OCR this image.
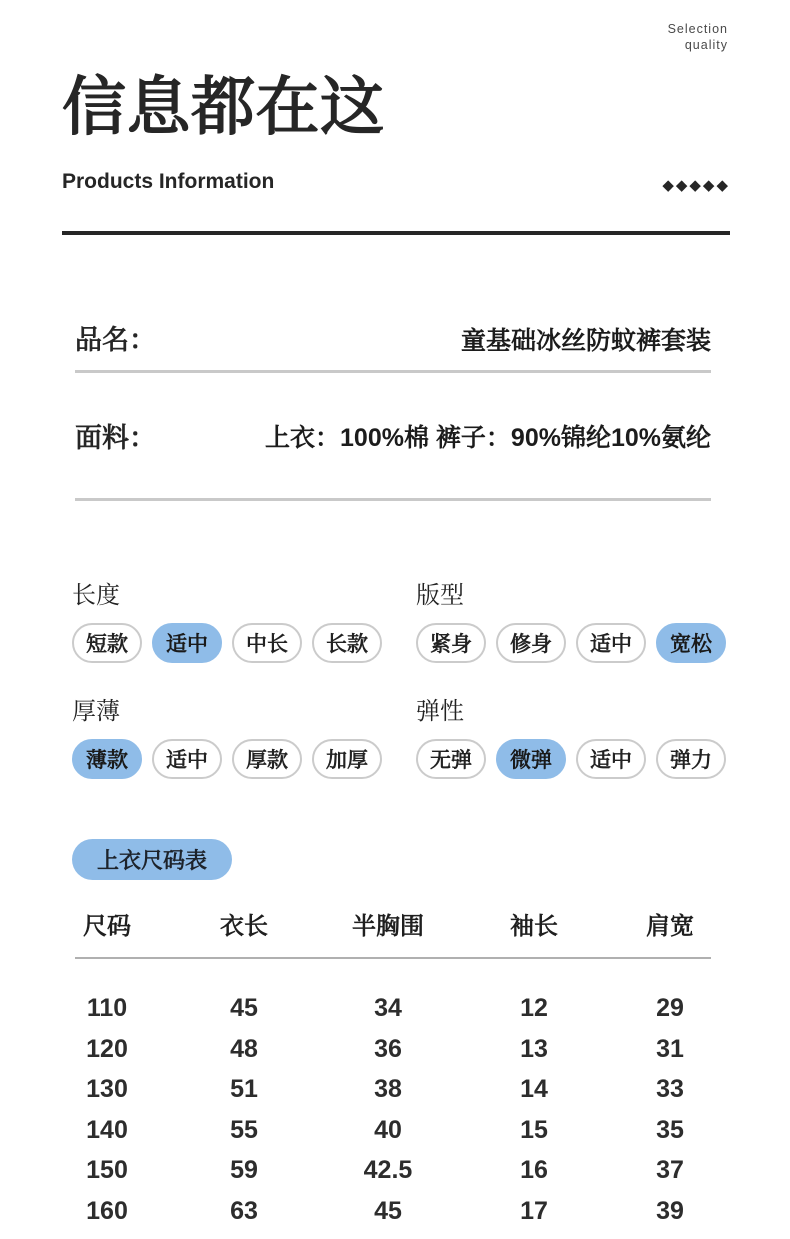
信息都在这
Selection
quality
Products Information	◆◆◆◆◆
品名：	童基础冰丝防蚊裤套装
面料：	上衣：100%棉 裤子：90%锦纶10%氨纶
长度
短款	适中	中长	长款
版型
紧身	修身	适中	宽松
厚薄
薄款	适中	厚款	加厚
弹性
无弹	微弹	适中	弹力
上衣尺码表
尺码	衣长	半胸围	袖长	肩宽
110	45	34	12	29
120	48	36	13	31
130	51	38	14	33
140	55	40	15	35
150	59	42.5	16	37
160	63	45	17	39
